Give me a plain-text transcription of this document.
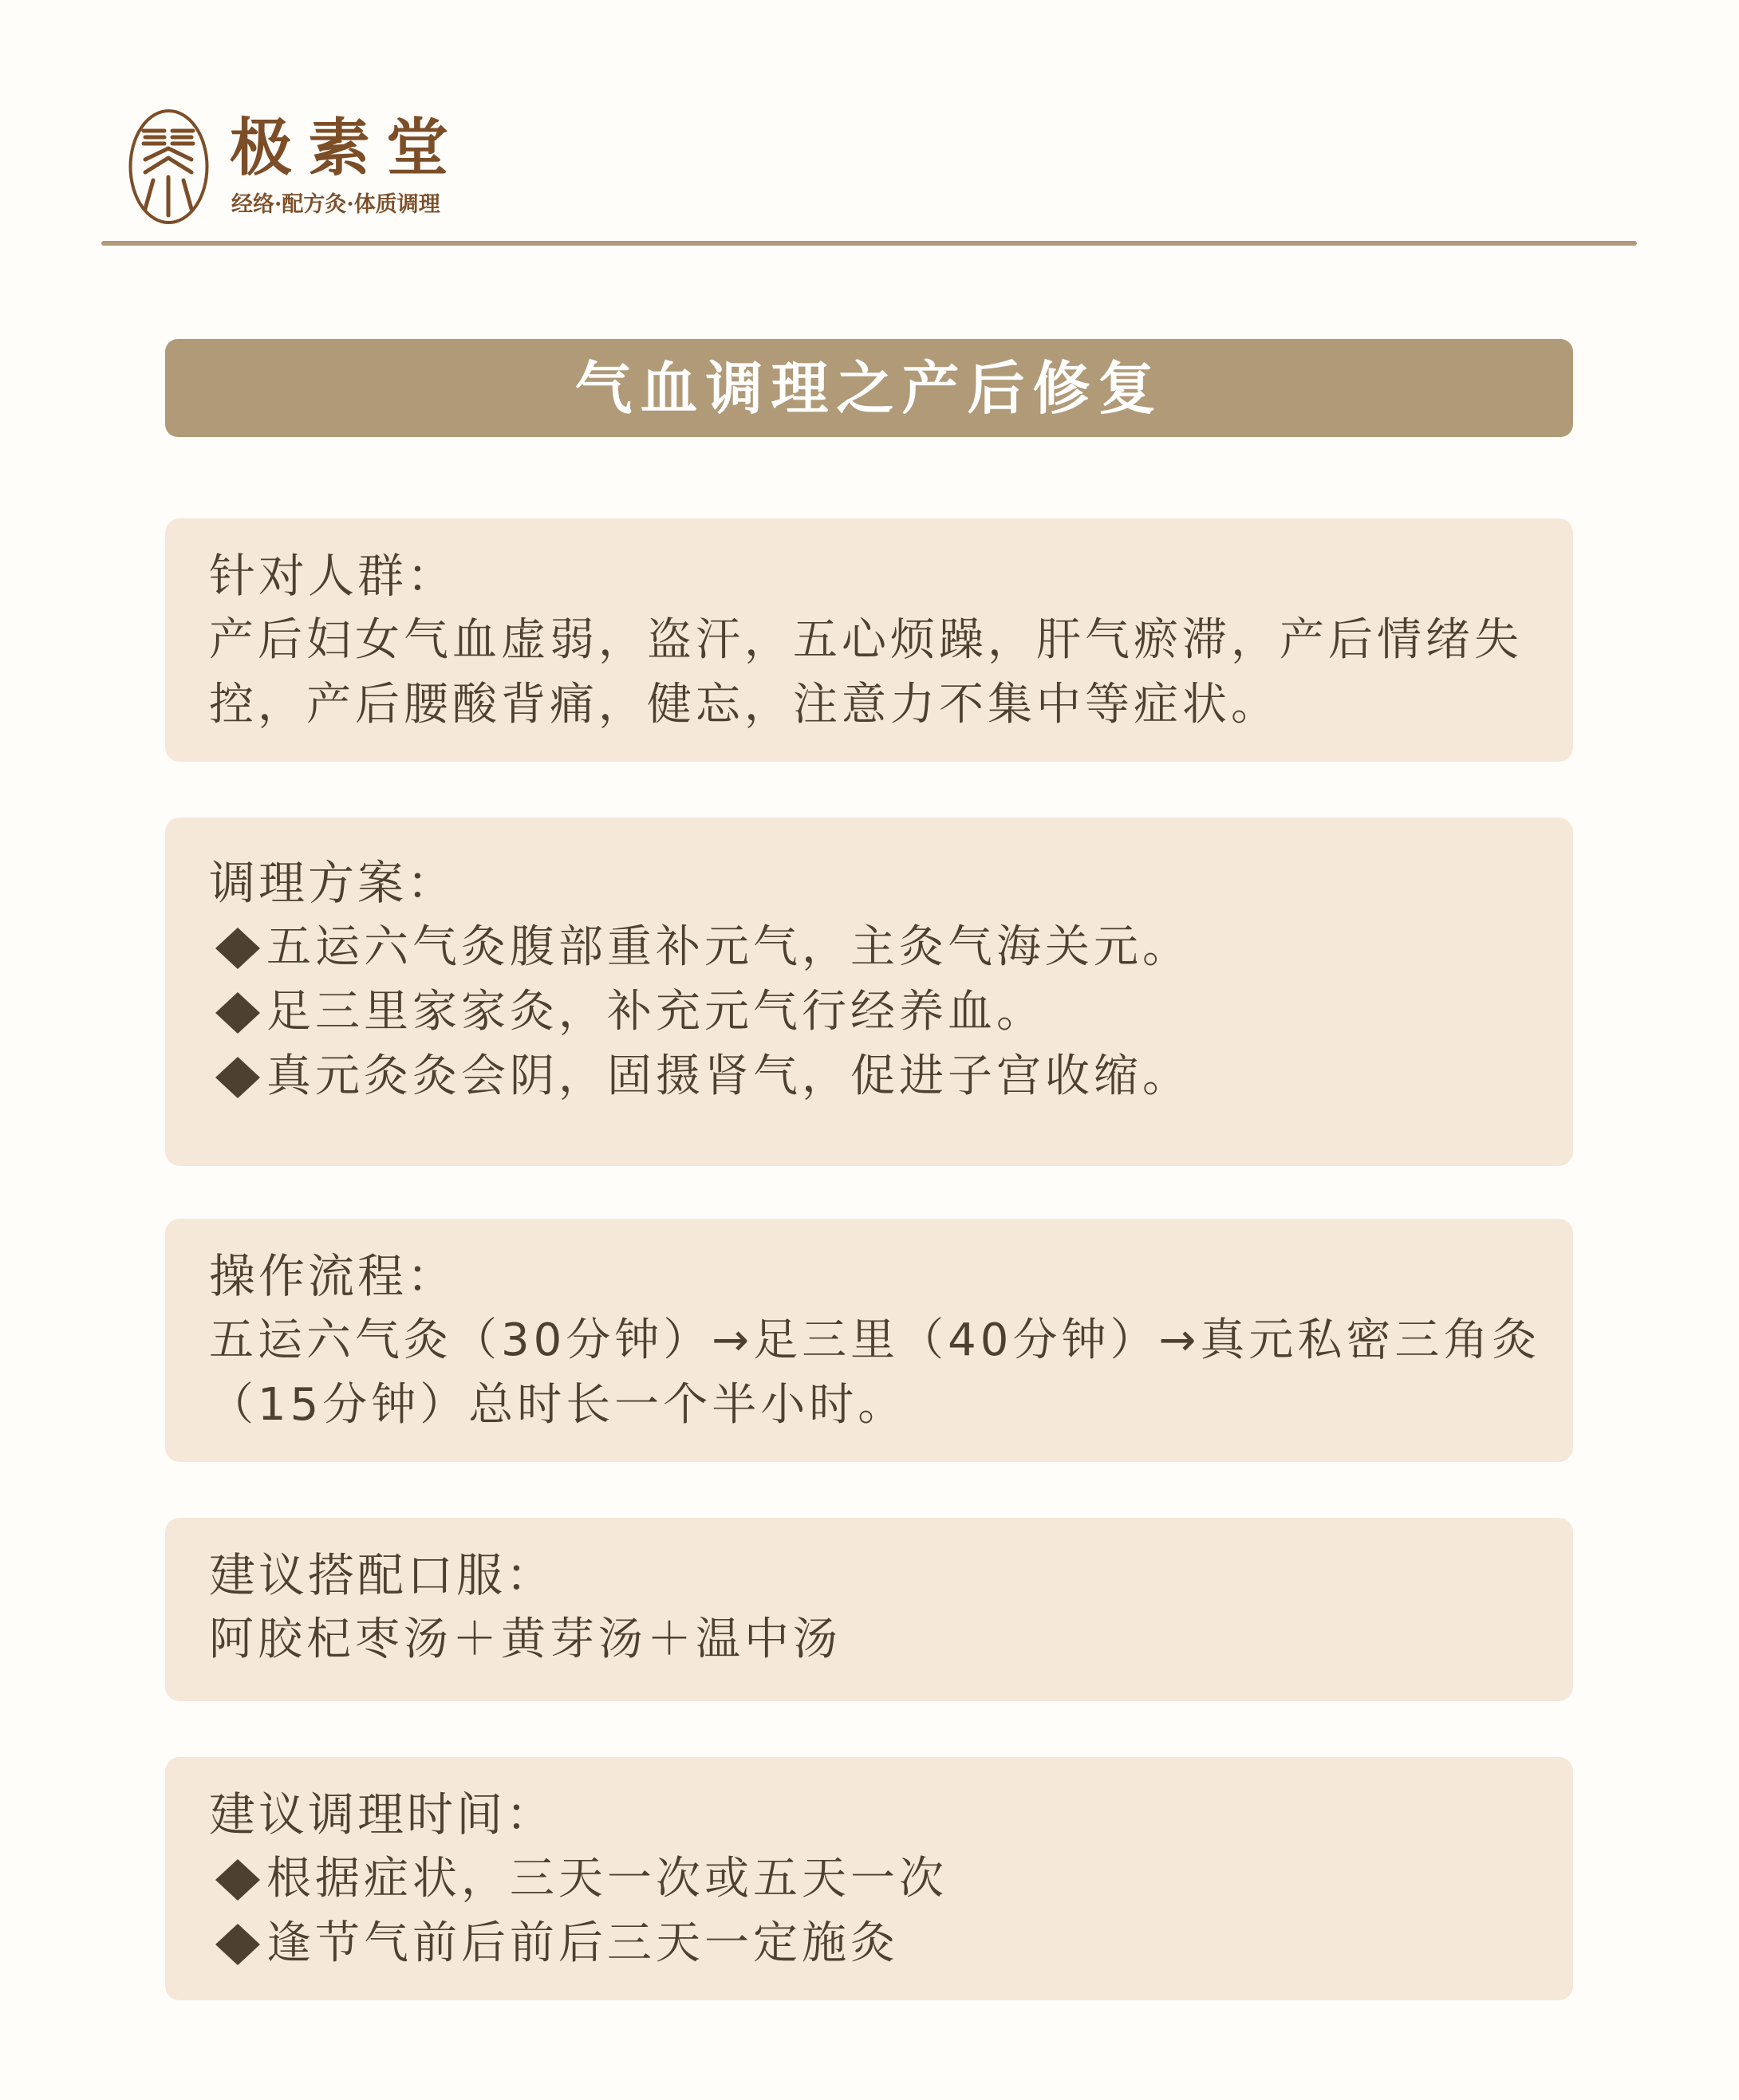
极素堂
经络·配方灸·体质调理
气血调理之产后修复
针对人群：
产后妇女气血虚弱，盗汗，五心烦躁，肝气瘀滞，产后情绪失
控，产后腰酸背痛，健忘，注意力不集中等症状。
调理方案：
五运六气灸腹部重补元气，主灸气海关元。
足三里家家灸，补充元气行经养血。
真元灸灸会阴，固摄肾气，促进子宫收缩。
操作流程：
五运六气灸（30分钟）→足三里（40分钟）→真元私密三角灸
（15分钟）总时长一个半小时。
建议搭配口服：
阿胶杞枣汤＋黄芽汤＋温中汤
建议调理时间：
根据症状，三天一次或五天一次
逢节气前后前后三天一定施灸
